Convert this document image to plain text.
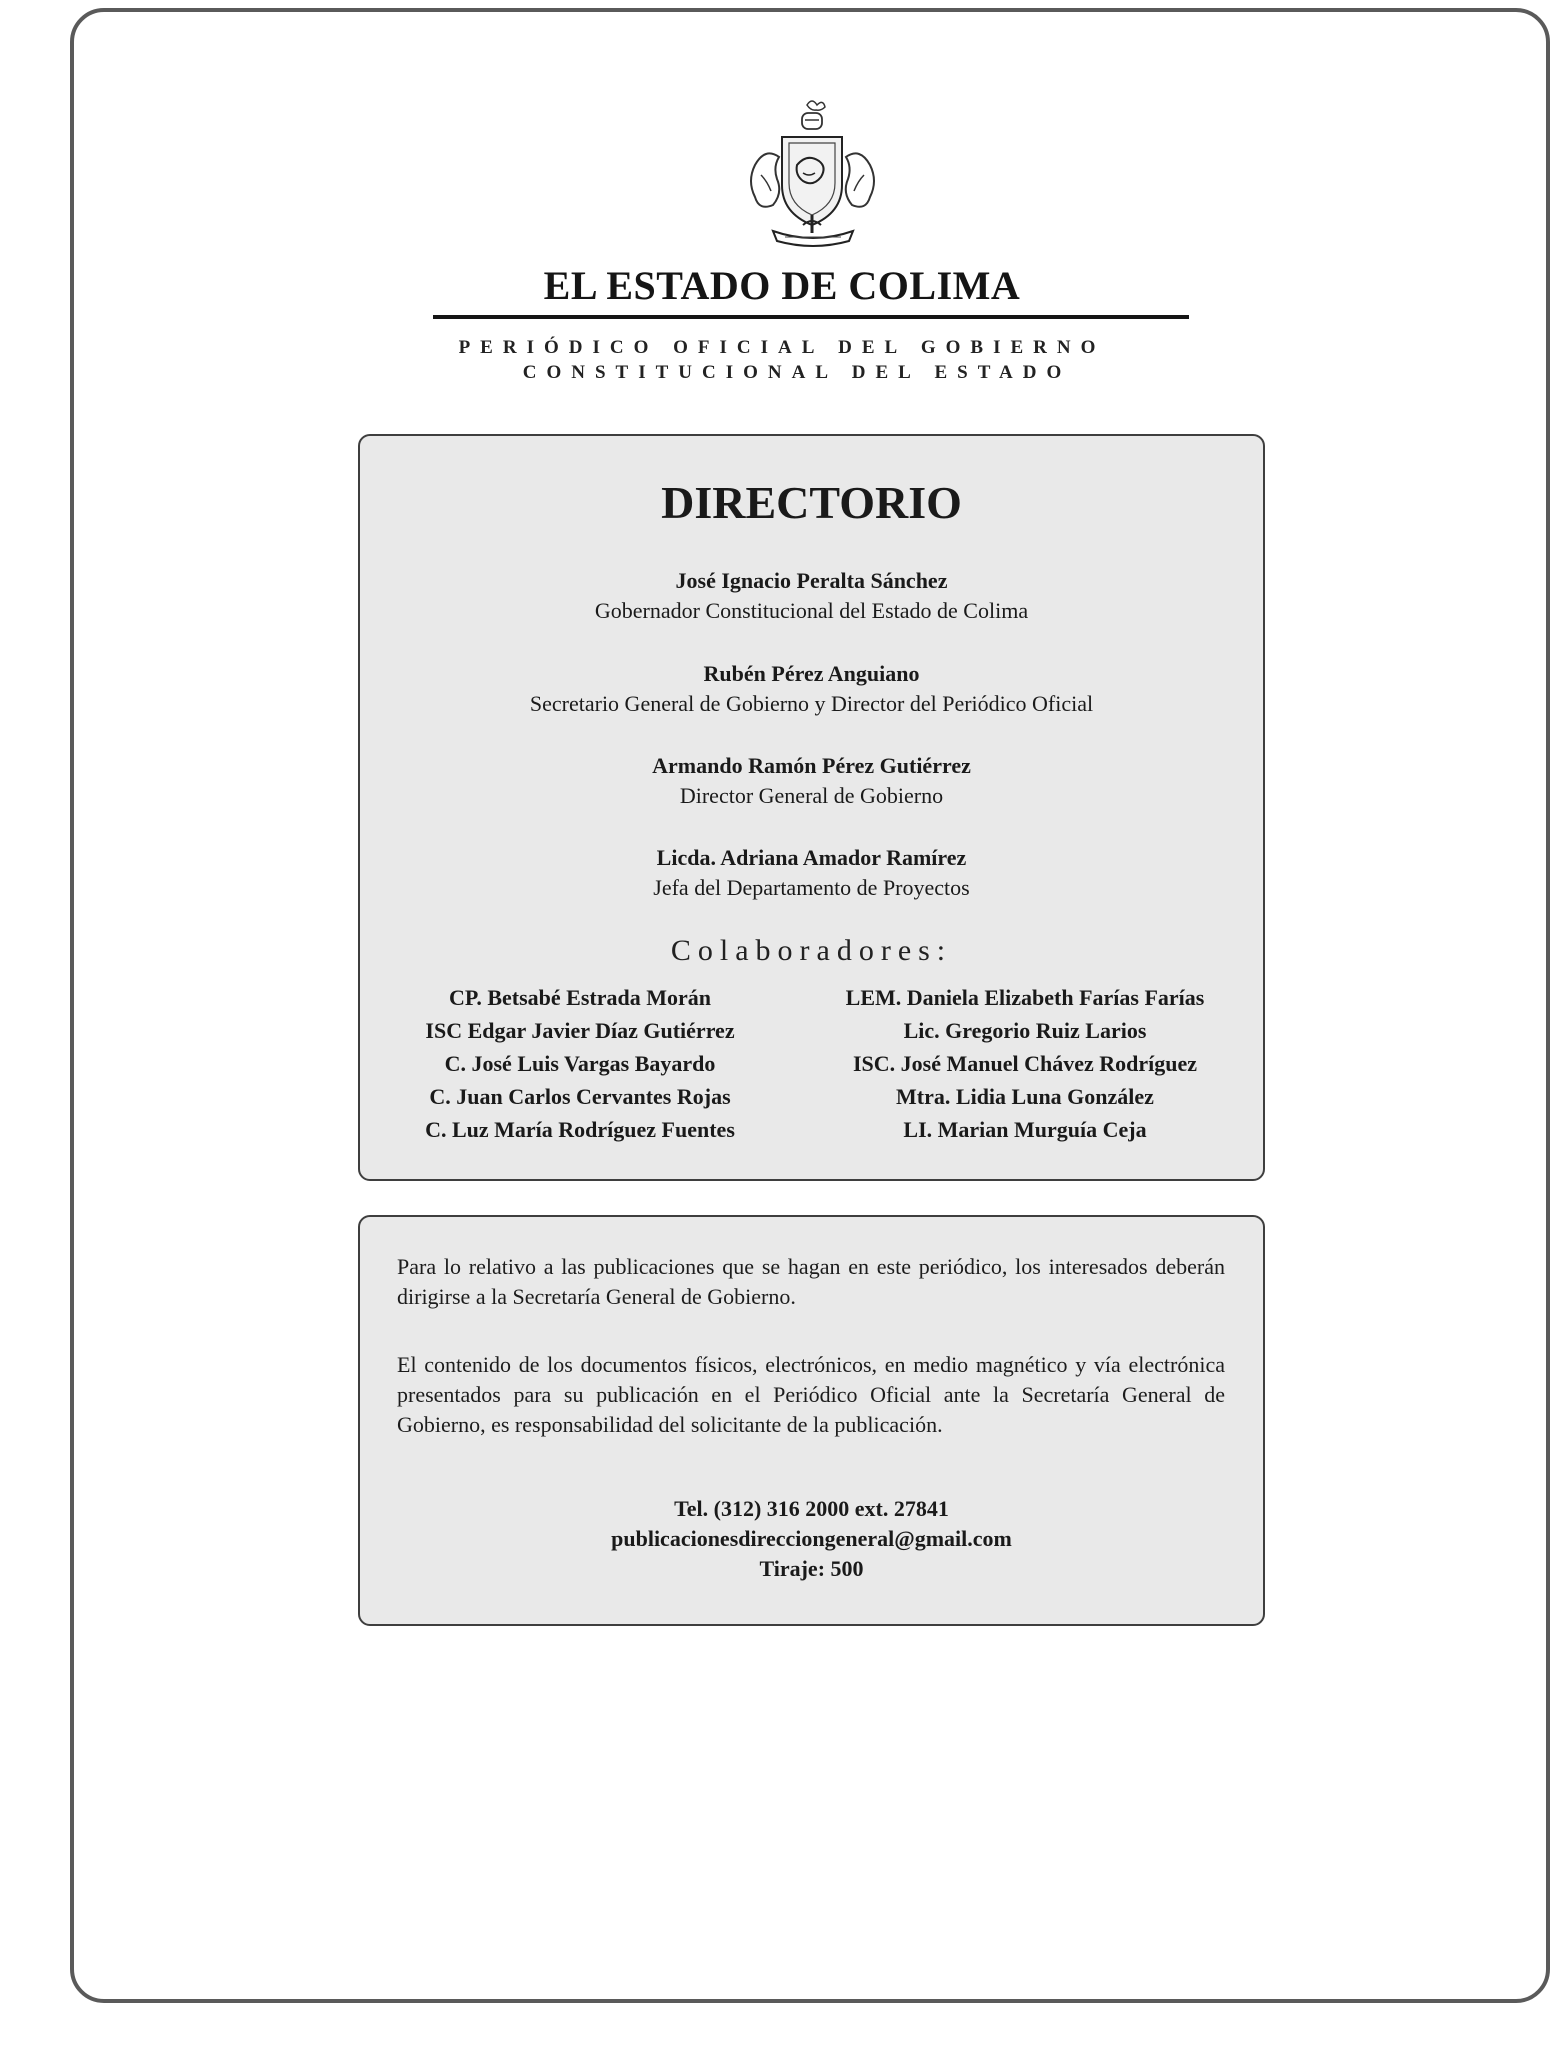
EL ESTADO DE COLIMA
PERIÓDICO OFICIAL DEL GOBIERNO
CONSTITUCIONAL DEL ESTADO
DIRECTORIO
José Ignacio Peralta Sánchez
Gobernador Constitucional del Estado de Colima
Rubén Pérez Anguiano
Secretario General de Gobierno y Director del Periódico Oficial
Armando Ramón Pérez Gutiérrez
Director General de Gobierno
Licda. Adriana Amador Ramírez
Jefa del Departamento de Proyectos
Colaboradores:
CP. Betsabé Estrada Morán
ISC Edgar Javier Díaz Gutiérrez
C. José Luis Vargas Bayardo
C. Juan Carlos Cervantes Rojas
C. Luz María Rodríguez Fuentes
LEM. Daniela Elizabeth Farías Farías
Lic. Gregorio Ruiz Larios
ISC. José Manuel Chávez Rodríguez
Mtra. Lidia Luna González
LI. Marian Murguía Ceja
Para lo relativo a las publicaciones que se hagan en este periódico, los interesados deberán dirigirse a la Secretaría General de Gobierno.
El contenido de los documentos físicos, electrónicos, en medio magnético y vía electrónica presentados para su publicación en el Periódico Oficial ante la Secretaría General de Gobierno, es responsabilidad del solicitante de la publicación.
Tel. (312) 316 2000 ext. 27841
publicacionesdirecciongeneral@gmail.com
Tiraje: 500
